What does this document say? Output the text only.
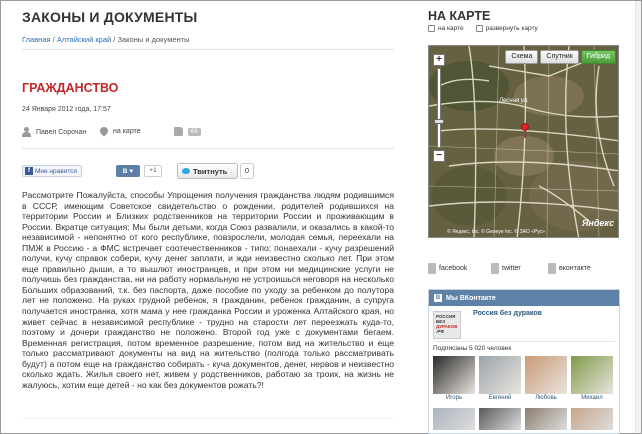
ЗАКОНЫ И ДОКУМЕНТЫ
Главная / Алтайский край / Законы и документы
ГРАЖДАНСТВО
24 Января 2012 года, 17:57
Павел Сорочан	на карте	68
f Мне нравится	В ♥	+1	Твитнуть	0
Рассмотрите Пожалуйста, способы Упрощения получения гражданства людям родившимся в СССР, имеющим Советское свидетельство о рождении, родителей родившихся на территории России и Близких родственников на территории России и проживающим в России. Вкратце ситуация: Мы были детьми, когда Союз развалили, и оказались в какой-то независимой - непонятно от кого республике, повзрослели, молодая семья, переехали на ПМЖ в Россию - а ФМС встречает соотечественников - типо: понаехали - кучу разрешений получи, кучу справок собери, кучу денег заплати, и жди неизвестно сколько лет. При этом еще правильно дыши, а то вышлют иностранцев, и при этом ни медицинские услуги не получишь без гражданства, ни на работу нормальную не устроишься неговоря на несколько Больших образований, т.к. без паспорта, даже пособие по уходу за ребенком до полутора лет не положено. На руках грудной ребенок, я гражданин, ребенок гражданин, а супруга получается иностранка, хотя мама у нее гражданка России и уроженка Алтайского края, но живет сейчас в независимой республике - трудно на старости лет переезжать куда-то, поэтому и дочери гражданство не положено. Второй год уже с документами бегаем. Временная регистрация, потом временное разрешение, потом вид на жительство и еще только рассматривают документы на вид на жительство (полгода только рассматривать будут) а потом еще на гражданство собирать - куча документов, денег, нервов и неизвестно сколько ждать. Жилья своего нет, живем у родственников, работаю за троих, на жизнь не жалуюсь, хотим еще детей - но как без документов рожать?!
НА КАРТЕ
на карте	развернуть карту
Лесная ул.
Схема	Спутник	Гибрид
+
−
© Яндекс, Inc. © Geoeye Inc. © ЗАО «Рус»
Яндекс
facebook	twitter	вконтакте
B Мы ВКонтакте
РОССИЯ
БЕЗ
ДУРАКОВ
.РФ
Россия без дураков
Подписаны 5 020 человек
Игорь	Евгений	Любовь	Михаил
